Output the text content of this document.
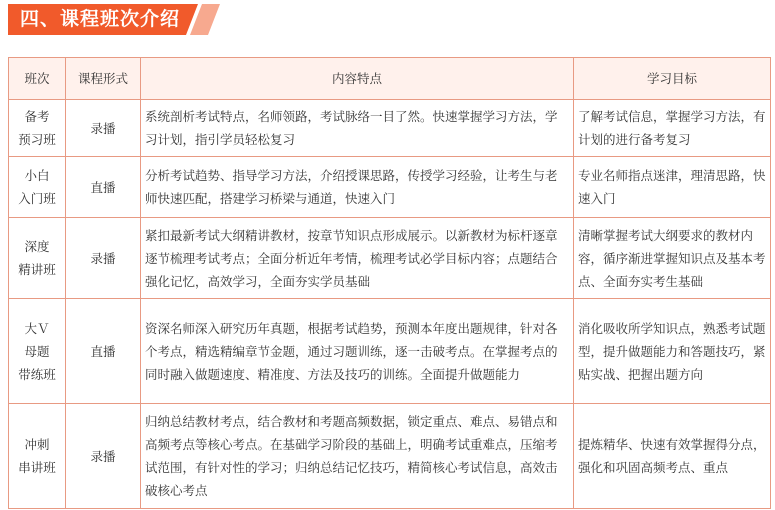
四、课程班次介绍
班次	课程形式	内容特点	学习目标

备考
预习班	录播	系统剖析考试特点，名师领路，考试脉络一目了然。快速掌握学习方法，学习计划，指引学员轻松复习	了解考试信息，掌握学习方法，有计划的进行备考复习

小白
入门班	直播	分析考试趋势、指导学习方法，介绍授课思路，传授学习经验，让考生与老师快速匹配，搭建学习桥梁与通道，快速入门	专业名师指点迷津，理清思路，快速入门

深度
精讲班	录播	紧扣最新考试大纲精讲教材，按章节知识点形成展示。以新教材为标杆逐章逐节梳理考试考点；全面分析近年考情，梳理考试必学目标内容；点题结合强化记忆，高效学习，全面夯实学员基础	清晰掌握考试大纲要求的教材内容，循序渐进掌握知识点及基本考点、全面夯实考生基础

大Ｖ
母题
带练班	直播	资深名师深入研究历年真题，根据考试趋势，预测本年度出题规律，针对各个考点，精选精编章节金题，通过习题训练，逐一击破考点。在掌握考点的同时融入做题速度、精准度、方法及技巧的训练。全面提升做题能力	消化吸收所学知识点，熟悉考试题型，提升做题能力和答题技巧，紧贴实战、把握出题方向

冲刺
串讲班	录播	归纳总结教材考点，结合教材和考题高频数据，锁定重点、难点、易错点和高频考点等核心考点。在基础学习阶段的基础上，明确考试重难点，压缩考试范围，有针对性的学习；归纳总结记忆技巧，精简核心考试信息，高效击破核心考点	提炼精华、快速有效掌握得分点，强化和巩固高频考点、重点
